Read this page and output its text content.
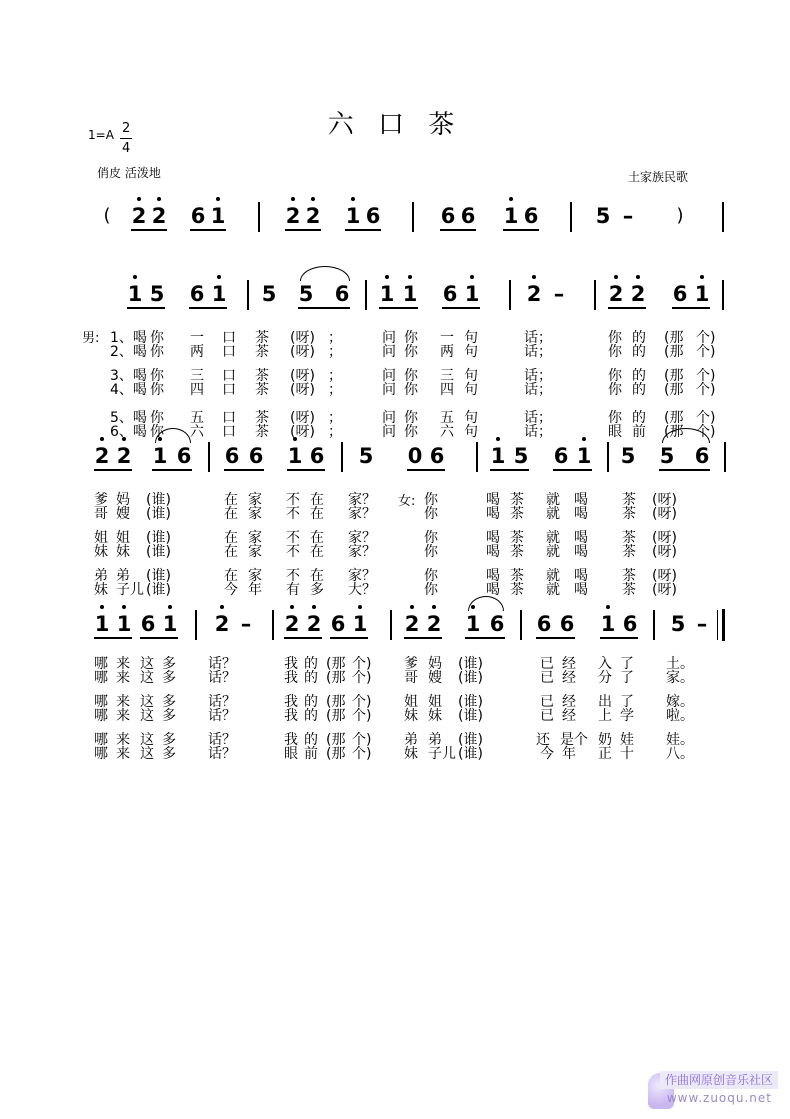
六 口 茶
1=A 2
4
俏皮 活泼地	土家族民歌
男:
女:
( 2 2 6 1	2 2 1 6	6 6 1 6	5 – )
1 5 6 1 5 5 6 1 1 6 1 2 – 2 2 6 1
2 2 1 6 6 6 1 6 5 0 6 1 5 6 1 5 5 6
1 1 6 1 2 – 2 2 6 1 2 2 1 6 6 6 1 6 5 –
1、喝 你 一 口 茶 (呀) ；	问 你 一 句	话；	你 的 (那 个)
2、喝 你 两 口 茶 (呀) ；	问 你 两 句	话；	你 的 (那 个)
3、喝 你 三 口 茶 (呀) ；	问 你 三 句	话；	你 的 (那 个)
4、喝 你 四 口 茶 (呀) ；	问 你 四 句	话；	你 的 (那 个)
5、喝 你 五 口 茶 (呀) ；	问 你 五 句	话；	你 的 (那 个)
6、喝 你 六 口 茶 (呀) ；	问 你 六 句	话；	眼 前 (那 个)
爹 妈 (谁)	在 家 不 在 家？	你	喝 茶 就 喝 茶 (呀)
哥 嫂 (谁)	在 家 不 在 家？	你	喝 茶 就 喝 茶 (呀)
姐 姐 (谁)	在 家 不 在 家？	你	喝 茶 就 喝 茶 (呀)
妹 妹 (谁)	在 家 不 在 家？	你	喝 茶 就 喝 茶 (呀)
弟 弟 (谁)	在 家 不 在 家？	你	喝 茶 就 喝 茶 (呀)
妹 子儿 (谁)	今 年 有 多 大？	你	喝 茶 就 喝 茶 (呀)
哪 来 这 多 话？	我 的 (那 个) 爹 妈 (谁)	已 经 入 了 土。
哪 来 这 多 话？	我 的 (那 个) 哥 嫂 (谁)	已 经 分 了 家。
哪 来 这 多 话？	我 的 (那 个) 姐 姐 (谁)	已 经 出 了 嫁。
哪 来 这 多 话？	我 的 (那 个) 妹 妹 (谁)	已 经 上 学 啦。
哪 来 这 多 话？	我 的 (那 个) 弟 弟 (谁)	还 是个 奶 娃 娃。
哪 来 这 多 话？	眼 前 (那 个) 妹 子儿 (谁)	今 年 正 十 八。
作曲网原创音乐社区
www.zuoqu.net
